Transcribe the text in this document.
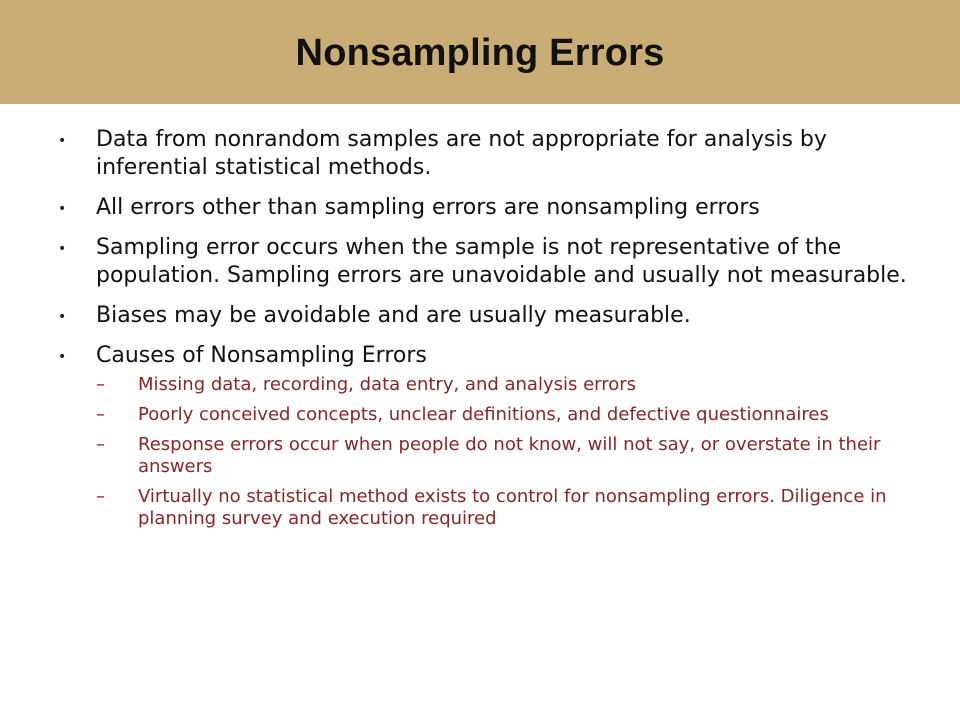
Nonsampling Errors
• Data from nonrandom samples are not appropriate for analysis by inferential statistical methods.
• All errors other than sampling errors are nonsampling errors
• Sampling error occurs when the sample is not representative of the population. Sampling errors are unavoidable and usually not measurable.
• Biases may be avoidable and are usually measurable.
• Causes of Nonsampling Errors
– Missing data, recording, data entry, and analysis errors
– Poorly conceived concepts, unclear definitions, and defective questionnaires
– Response errors occur when people do not know, will not say, or overstate in their answers
– Virtually no statistical method exists to control for nonsampling errors. Diligence in planning survey and execution required
